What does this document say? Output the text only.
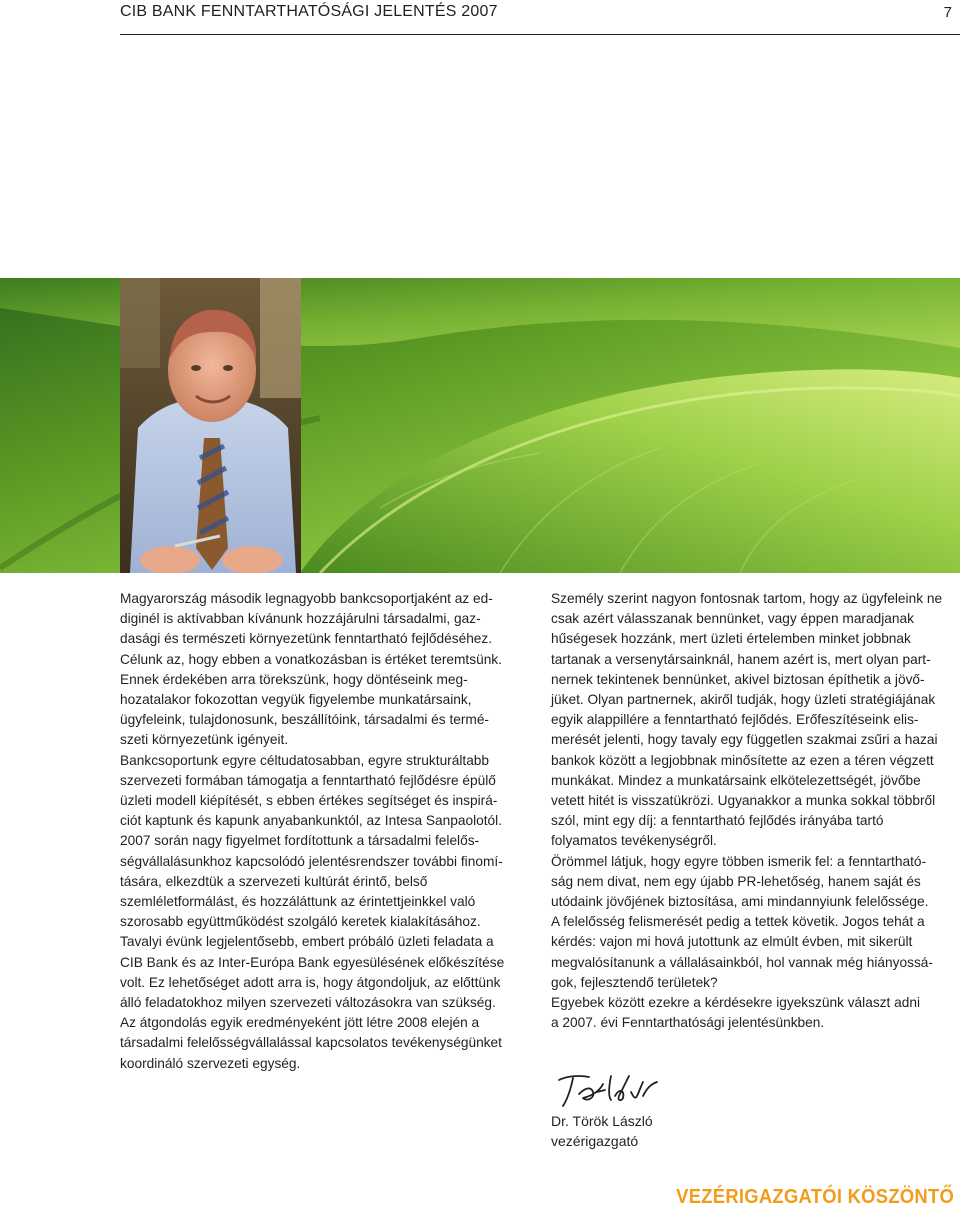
CIB BANK FENNTARTHATÓSÁGI JELENTÉS 2007	7

Magyarország második legnagyobb bankcsoportjaként az ed-

diginél is aktívabban kívánunk hozzájárulni társadalmi, gaz-

dasági és természeti környezetünk fenntartható fejlődéséhez.

Célunk az, hogy ebben a vonatkozásban is értéket teremtsünk.

Ennek érdekében arra törekszünk, hogy döntéseink meg-

hozatalakor fokozottan vegyük figyelembe munkatársaink,

ügyfeleink, tulajdonosunk, beszállítóink, társadalmi és termé-

szeti környezetünk igényeit.

Bankcsoportunk egyre céltudatosabban, egyre strukturáltabb

szervezeti formában támogatja a fenntartható fejlődésre épülő

üzleti modell kiépítését, s ebben értékes segítséget és inspirá-

ciót kaptunk és kapunk anyabankunktól, az Intesa Sanpaolotól.

2007 során nagy figyelmet fordítottunk a társadalmi felelős-

ségvállalásunkhoz kapcsolódó jelentésrendszer további finomí-

tására, elkezdtük a szervezeti kultúrát érintő, belső

szemléletformálást, és hozzáláttunk az érintettjeinkkel való

szorosabb együttműködést szolgáló keretek kialakításához.

Tavalyi évünk legjelentősebb, embert próbáló üzleti feladata a

CIB Bank és az Inter-Európa Bank egyesülésének előkészítése

volt. Ez lehetőséget adott arra is, hogy átgondoljuk, az előttünk

álló feladatokhoz milyen szervezeti változásokra van szükség.

Az átgondolás egyik eredményeként jött létre 2008 elején a

társadalmi felelősségvállalással kapcsolatos tevékenységünket

koordináló szervezeti egység.

Személy szerint nagyon fontosnak tartom, hogy az ügyfeleink ne

csak azért válasszanak bennünket, vagy éppen maradjanak

hűségesek hozzánk, mert üzleti értelemben minket jobbnak

tartanak a versenytársainknál, hanem azért is, mert olyan part-

nernek tekintenek bennünket, akivel biztosan építhetik a jövő-

jüket. Olyan partnernek, akiről tudják, hogy üzleti stratégiájának

egyik alappillére a fenntartható fejlődés. Erőfeszítéseink elis-

merését jelenti, hogy tavaly egy független szakmai zsűri a hazai

bankok között a legjobbnak minősítette az ezen a téren végzett

munkákat. Mindez a munkatársaink elkötelezettségét, jövőbe

vetett hitét is visszatükrözi. Ugyanakkor a munka sokkal többről

szól, mint egy díj: a fenntartható fejlődés irányába tartó

folyamatos tevékenységről.

Örömmel látjuk, hogy egyre többen ismerik fel: a fenntartható-

ság nem divat, nem egy újabb PR-lehetőség, hanem saját és

utódaink jövőjének biztosítása, ami mindannyiunk felelőssége.

A felelősség felismerését pedig a tettek követik. Jogos tehát a

kérdés: vajon mi hová jutottunk az elmúlt évben, mit sikerült

megvalósítanunk a vállalásainkból, hol vannak még hiányossá-

gok, fejlesztendő területek?

Egyebek között ezekre a kérdésekre igyekszünk választ adni

a 2007. évi Fenntarthatósági jelentésünkben.

Dr. Török László
vezérigazgató
VEZÉRIGAZGATÓI KÖSZÖNTŐ
